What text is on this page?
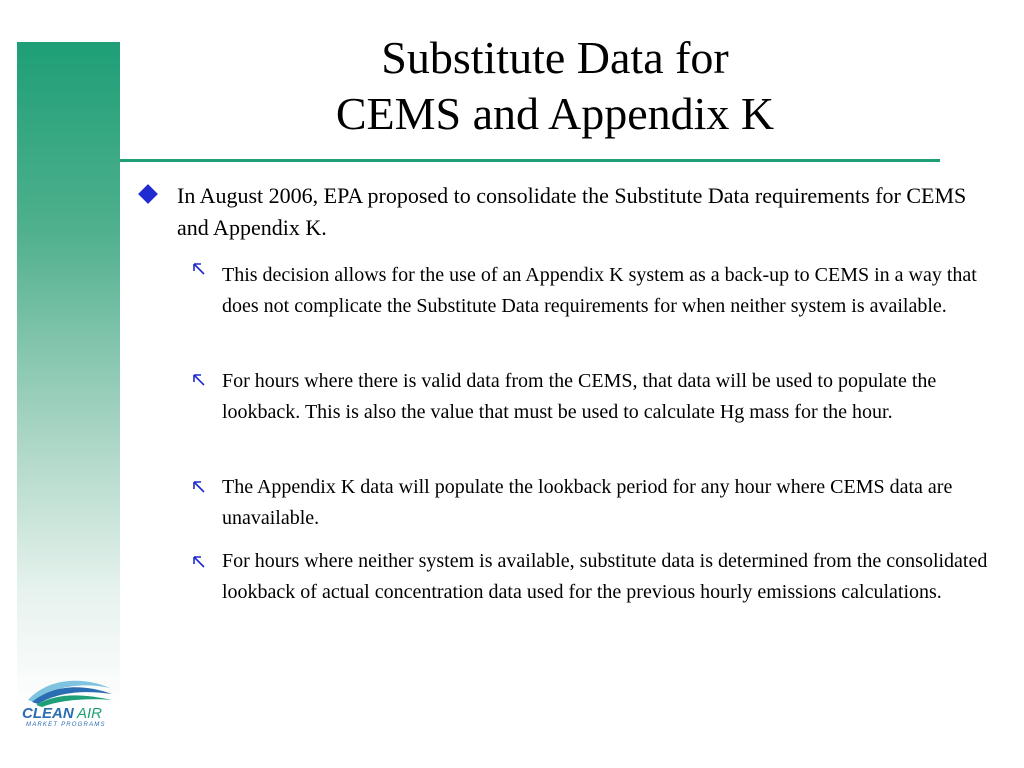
Substitute Data for
CEMS and Appendix K
In August 2006, EPA proposed to consolidate the Substitute Data requirements for CEMS and Appendix K.
This decision allows for the use of an Appendix K system as a back-up to CEMS in a way that does not complicate the Substitute Data requirements for when neither system is available.
For hours where there is valid data from the CEMS, that data will be used to populate the lookback. This is also the value that must be used to calculate Hg mass for the hour.
The Appendix K data will populate the lookback period for any hour where CEMS data are unavailable.
For hours where neither system is available, substitute data is determined from the consolidated lookback of actual concentration data used for the previous hourly emissions calculations.
CLEAN AIR
MARKET PROGRAMS
